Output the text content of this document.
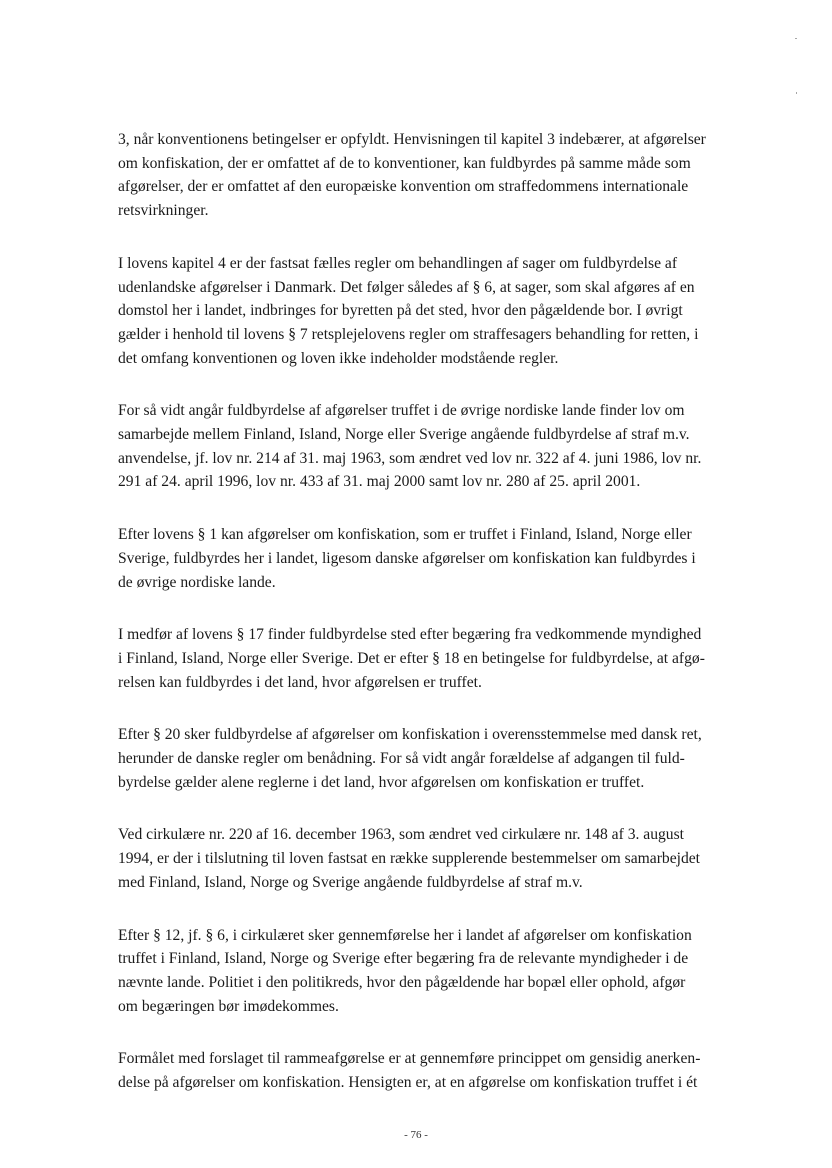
3, når konventionens betingelser er opfyldt. Henvisningen til kapitel 3 indebærer, at afgørelser
om konfiskation, der er omfattet af de to konventioner, kan fuldbyrdes på samme måde som
afgørelser, der er omfattet af den europæiske konvention om straffedommens internationale
retsvirkninger.

I lovens kapitel 4 er der fastsat fælles regler om behandlingen af sager om fuldbyrdelse af
udenlandske afgørelser i Danmark. Det følger således af § 6, at sager, som skal afgøres af en
domstol her i landet, indbringes for byretten på det sted, hvor den pågældende bor. I øvrigt
gælder i henhold til lovens § 7 retsplejelovens regler om straffesagers behandling for retten, i
det omfang konventionen og loven ikke indeholder modstående regler.

For så vidt angår fuldbyrdelse af afgørelser truffet i de øvrige nordiske lande finder lov om
samarbejde mellem Finland, Island, Norge eller Sverige angående fuldbyrdelse af straf m.v.
anvendelse, jf. lov nr. 214 af 31. maj 1963, som ændret ved lov nr. 322 af 4. juni 1986, lov nr.
291 af 24. april 1996, lov nr. 433 af 31. maj 2000 samt lov nr. 280 af 25. april 2001.

Efter lovens § 1 kan afgørelser om konfiskation, som er truffet i Finland, Island, Norge eller
Sverige, fuldbyrdes her i landet, ligesom danske afgørelser om konfiskation kan fuldbyrdes i
de øvrige nordiske lande.

I medfør af lovens § 17 finder fuldbyrdelse sted efter begæring fra vedkommende myndighed
i Finland, Island, Norge eller Sverige. Det er efter § 18 en betingelse for fuldbyrdelse, at afgø-
relsen kan fuldbyrdes i det land, hvor afgørelsen er truffet.

Efter § 20 sker fuldbyrdelse af afgørelser om konfiskation i overensstemmelse med dansk ret,
herunder de danske regler om benådning. For så vidt angår forældelse af adgangen til fuld-
byrdelse gælder alene reglerne i det land, hvor afgørelsen om konfiskation er truffet.

Ved cirkulære nr. 220 af 16. december 1963, som ændret ved cirkulære nr. 148 af 3. august
1994, er der i tilslutning til loven fastsat en række supplerende bestemmelser om samarbejdet
med Finland, Island, Norge og Sverige angående fuldbyrdelse af straf m.v.

Efter § 12, jf. § 6, i cirkulæret sker gennemførelse her i landet af afgørelser om konfiskation
truffet i Finland, Island, Norge og Sverige efter begæring fra de relevante myndigheder i de
nævnte lande. Politiet i den politikreds, hvor den pågældende har bopæl eller ophold, afgør
om begæringen bør imødekommes.

Formålet med forslaget til rammeafgørelse er at gennemføre princippet om gensidig anerken-
delse på afgørelser om konfiskation. Hensigten er, at en afgørelse om konfiskation truffet i ét

- 76 -
